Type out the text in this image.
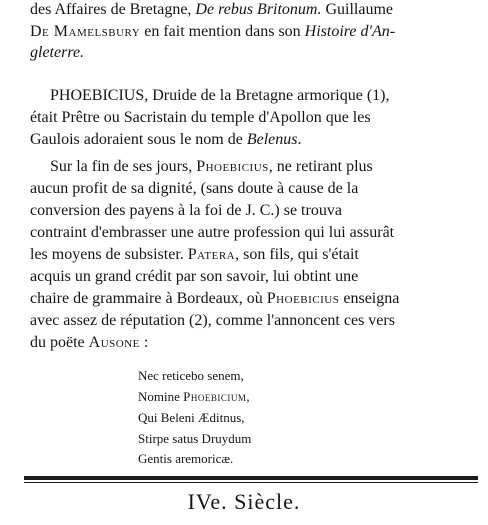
des Affaires de Bretagne, De rebus Britonum. Guillaume
De Mamelsbury en fait mention dans son Histoire d'An-
gleterre.
PHOEBICIUS, Druide de la Bretagne armorique (1),
était Prêtre ou Sacristain du temple d'Apollon que les
Gaulois adoraient sous le nom de Belenus.
Sur la fin de ses jours, Phoebicius, ne retirant plus
aucun profit de sa dignité, (sans doute à cause de la
conversion des payens à la foi de J. C.) se trouva
contraint d'embrasser une autre profession qui lui assurât
les moyens de subsister. Patera, son fils, qui s'était
acquis un grand crédit par son savoir, lui obtint une
chaire de grammaire à Bordeaux, où Phoebicius enseigna
avec assez de réputation (2), comme l'annoncent ces vers
du poëte Ausone :
Nec reticebo senem,
Nomine Phoebicium,
Qui Beleni Æditnus,
Stirpe satus Druydum
Gentis aremoricæ.
IVe. Siècle.
